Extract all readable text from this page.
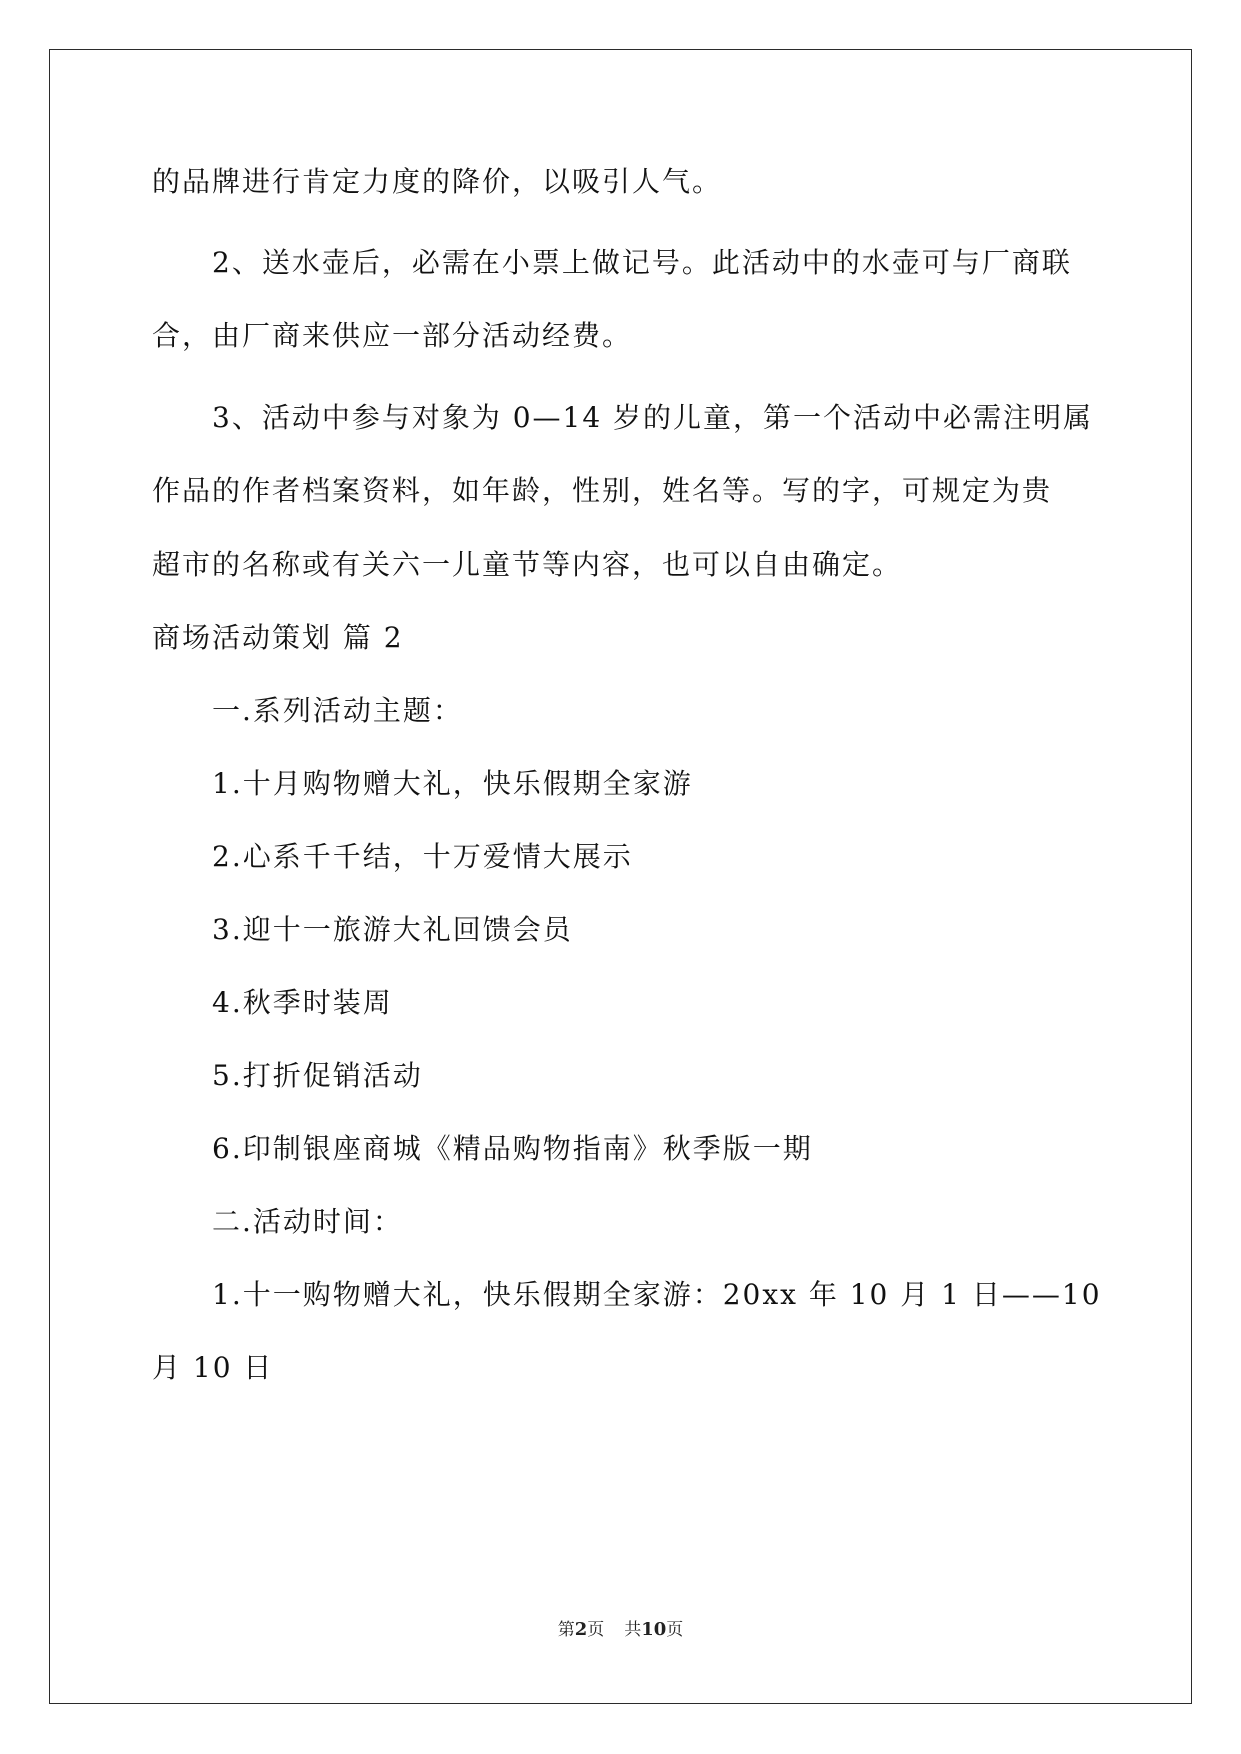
的品牌进行肯定力度的降价，以吸引人气。
2、送水壶后，必需在小票上做记号。此活动中的水壶可与厂商联
合，由厂商来供应一部分活动经费。
3、活动中参与对象为 0—14 岁的儿童，第一个活动中必需注明属
作品的作者档案资料，如年龄，性别，姓名等。写的字，可规定为贵
超市的名称或有关六一儿童节等内容，也可以自由确定。
商场活动策划 篇 2
一.系列活动主题：
1.十月购物赠大礼，快乐假期全家游
2.心系千千结，十万爱情大展示
3.迎十一旅游大礼回馈会员
4.秋季时装周
5.打折促销活动
6.印制银座商城《精品购物指南》秋季版一期
二.活动时间：
1.十一购物赠大礼，快乐假期全家游：20xx 年 10 月 1 日——10
月 10 日
第2页 共10页
